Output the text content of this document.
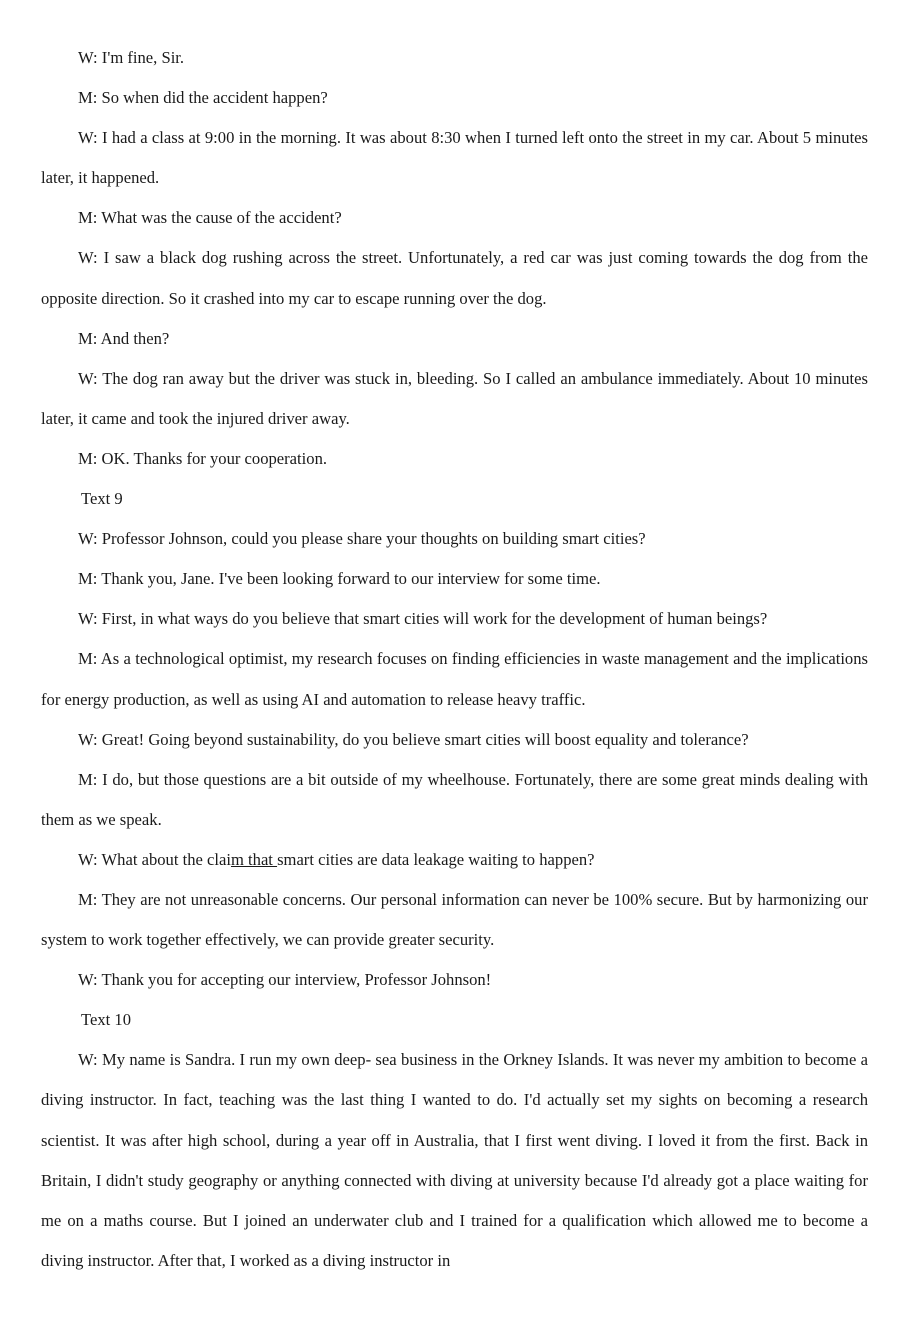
W: I'm fine, Sir.

M: So when did the accident happen?

W: I had a class at 9:00 in the morning. It was about 8:30 when I turned left onto the street in my car. About 5 minutes later, it happened.

M: What was the cause of the accident?

W: I saw a black dog rushing across the street. Unfortunately, a red car was just coming towards the dog from the opposite direction. So it crashed into my car to escape running over the dog.

M: And then?

W: The dog ran away but the driver was stuck in, bleeding. So I called an ambulance immediately. About 10 minutes later, it came and took the injured driver away.

M: OK. Thanks for your cooperation.

Text 9

W: Professor Johnson, could you please share your thoughts on building smart cities?

M: Thank you, Jane. I've been looking forward to our interview for some time.

W: First, in what ways do you believe that smart cities will work for the development of human beings?

M: As a technological optimist, my research focuses on finding efficiencies in waste management and the implications for energy production, as well as using AI and automation to release heavy traffic.

W: Great! Going beyond sustainability, do you believe smart cities will boost equality and tolerance?

M: I do, but those questions are a bit outside of my wheelhouse. Fortunately, there are some great minds dealing with them as we speak.

W: What about the claim that smart cities are data leakage waiting to happen?

M: They are not unreasonable concerns. Our personal information can never be 100% secure. But by harmonizing our system to work together effectively, we can provide greater security.

W: Thank you for accepting our interview, Professor Johnson!

Text 10

W: My name is Sandra. I run my own deep- sea business in the Orkney Islands. It was never my ambition to become a diving instructor. In fact, teaching was the last thing I wanted to do. I'd actually set my sights on becoming a research scientist. It was after high school, during a year off in Australia, that I first went diving. I loved it from the first. Back in Britain, I didn't study geography or anything connected with diving at university because I'd already got a place waiting for me on a maths course. But I joined an underwater club and I trained for a qualification which allowed me to become a diving instructor. After that, I worked as a diving instructor in
